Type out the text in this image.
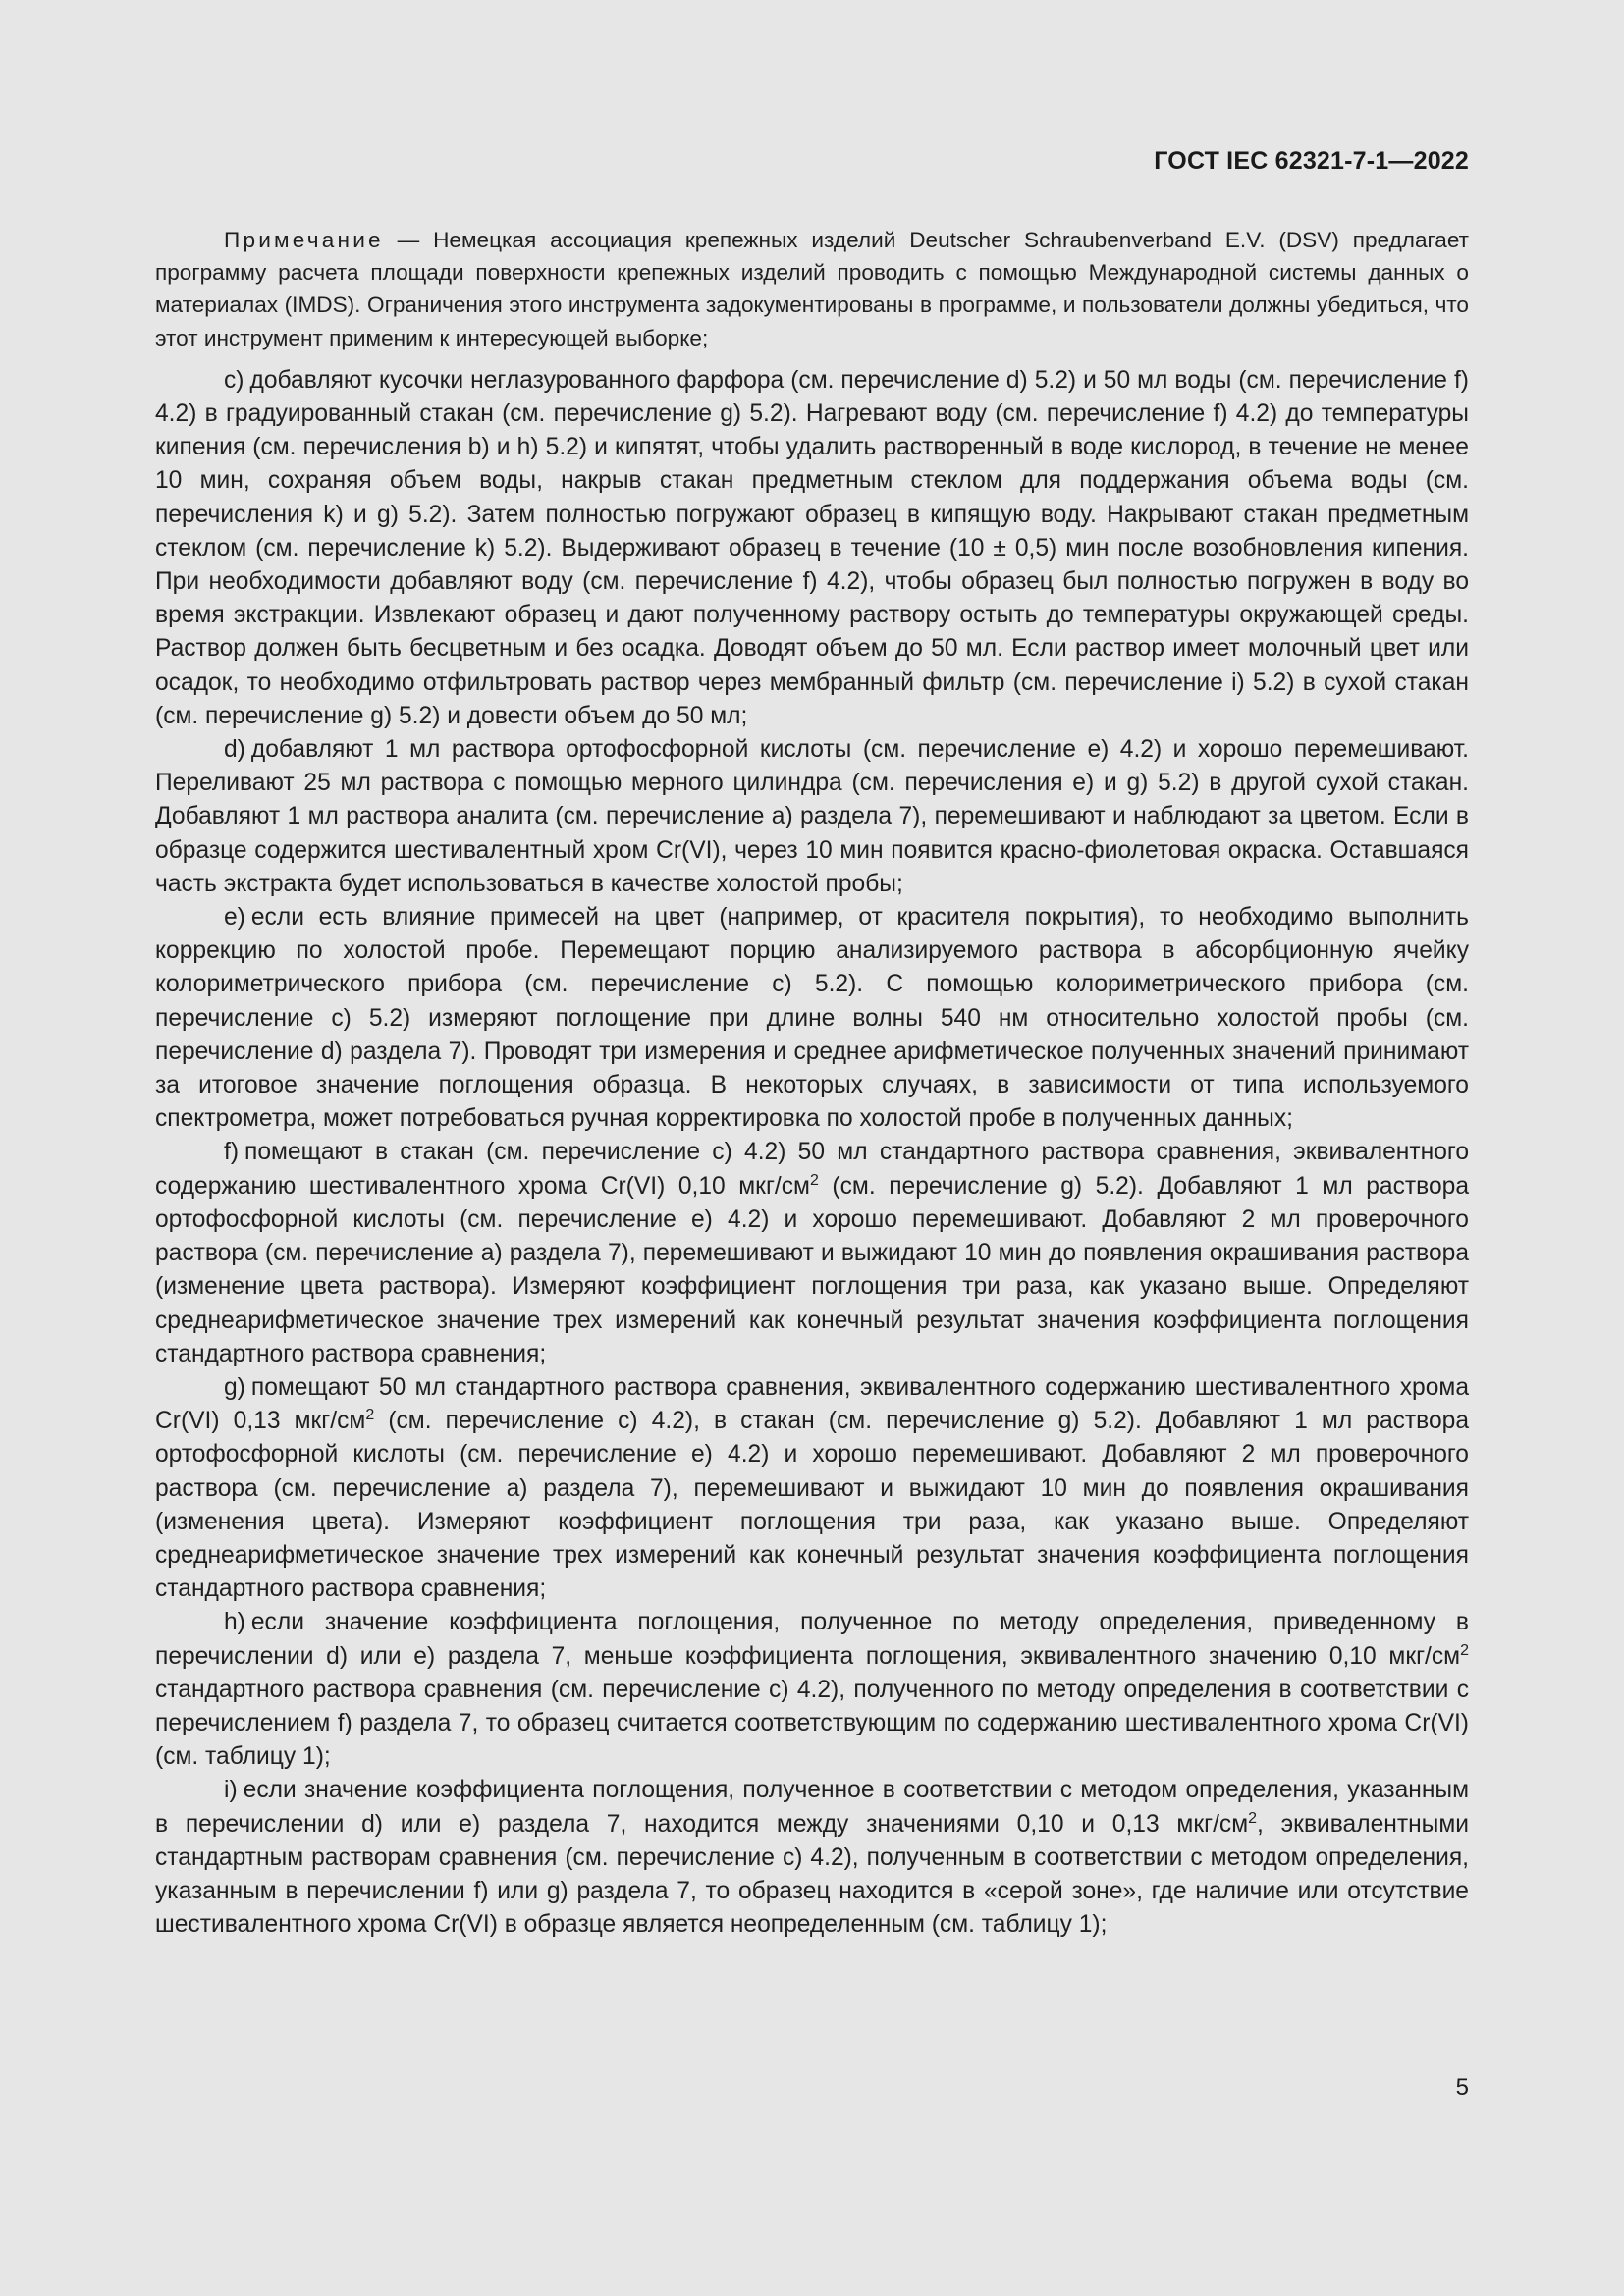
ГОСТ IEC 62321-7-1—2022

Примечание — Немецкая ассоциация крепежных изделий Deutscher Schraubenverband E.V. (DSV) предлагает программу расчета площади поверхности крепежных изделий проводить с помощью Международной системы данных о материалах (IMDS). Ограничения этого инструмента задокументированы в программе, и пользователи должны убедиться, что этот инструмент применим к интересующей выборке;

c) добавляют кусочки неглазурованного фарфора (см. перечисление d) 5.2) и 50 мл воды (см. перечисление f) 4.2) в градуированный стакан (см. перечисление g) 5.2). Нагревают воду (см. перечисление f) 4.2) до температуры кипения (см. перечисления b) и h) 5.2) и кипятят, чтобы удалить растворенный в воде кислород, в течение не менее 10 мин, сохраняя объем воды, накрыв стакан предметным стеклом для поддержания объема воды (см. перечисления k) и g) 5.2). Затем полностью погружают образец в кипящую воду. Накрывают стакан предметным стеклом (см. перечисление k) 5.2). Выдерживают образец в течение (10 ± 0,5) мин после возобновления кипения. При необходимости добавляют воду (см. перечисление f) 4.2), чтобы образец был полностью погружен в воду во время экстракции. Извлекают образец и дают полученному раствору остыть до температуры окружающей среды. Раствор должен быть бесцветным и без осадка. Доводят объем до 50 мл. Если раствор имеет молочный цвет или осадок, то необходимо отфильтровать раствор через мембранный фильтр (см. перечисление i) 5.2) в сухой стакан (см. перечисление g) 5.2) и довести объем до 50 мл;

d) добавляют 1 мл раствора ортофосфорной кислоты (см. перечисление e) 4.2) и хорошо перемешивают. Переливают 25 мл раствора с помощью мерного цилиндра (см. перечисления e) и g) 5.2) в другой сухой стакан. Добавляют 1 мл раствора аналита (см. перечисление a) раздела 7), перемешивают и наблюдают за цветом. Если в образце содержится шестивалентный хром Cr(VI), через 10 мин появится красно-фиолетовая окраска. Оставшаяся часть экстракта будет использоваться в качестве холостой пробы;

e) если есть влияние примесей на цвет (например, от красителя покрытия), то необходимо выполнить коррекцию по холостой пробе. Перемещают порцию анализируемого раствора в абсорбционную ячейку колориметрического прибора (см. перечисление c) 5.2). С помощью колориметрического прибора (см. перечисление c) 5.2) измеряют поглощение при длине волны 540 нм относительно холостой пробы (см. перечисление d) раздела 7). Проводят три измерения и среднее арифметическое полученных значений принимают за итоговое значение поглощения образца. В некоторых случаях, в зависимости от типа используемого спектрометра, может потребоваться ручная корректировка по холостой пробе в полученных данных;

f) помещают в стакан (см. перечисление c) 4.2) 50 мл стандартного раствора сравнения, эквивалентного содержанию шестивалентного хрома Cr(VI) 0,10 мкг/$см^2$ (см. перечисление g) 5.2). Добавляют 1 мл раствора ортофосфорной кислоты (см. перечисление e) 4.2) и хорошо перемешивают. Добавляют 2 мл проверочного раствора (см. перечисление a) раздела 7), перемешивают и выжидают 10 мин до появления окрашивания раствора (изменение цвета раствора). Измеряют коэффициент поглощения три раза, как указано выше. Определяют среднеарифметическое значение трех измерений как конечный результат значения коэффициента поглощения стандартного раствора сравнения;

g) помещают 50 мл стандартного раствора сравнения, эквивалентного содержанию шестивалентного хрома Cr(VI) 0,13 мкг/$см^2$ (см. перечисление c) 4.2), в стакан (см. перечисление g) 5.2). Добавляют 1 мл раствора ортофосфорной кислоты (см. перечисление e) 4.2) и хорошо перемешивают. Добавляют 2 мл проверочного раствора (см. перечисление a) раздела 7), перемешивают и выжидают 10 мин до появления окрашивания (изменения цвета). Измеряют коэффициент поглощения три раза, как указано выше. Определяют среднеарифметическое значение трех измерений как конечный результат значения коэффициента поглощения стандартного раствора сравнения;

h) если значение коэффициента поглощения, полученное по методу определения, приведенному в перечислении d) или e) раздела 7, меньше коэффициента поглощения, эквивалентного значению 0,10 мкг/$см^2$ стандартного раствора сравнения (см. перечисление c) 4.2), полученного по методу определения в соответствии с перечислением f) раздела 7, то образец считается соответствующим по содержанию шестивалентного хрома Cr(VI) (см. таблицу 1);

i) если значение коэффициента поглощения, полученное в соответствии с методом определения, указанным в перечислении d) или e) раздела 7, находится между значениями 0,10 и 0,13 мкг/$см^2$, эквивалентными стандартным растворам сравнения (см. перечисление c) 4.2), полученным в соответствии с методом определения, указанным в перечислении f) или g) раздела 7, то образец находится в «серой зоне», где наличие или отсутствие шестивалентного хрома Cr(VI) в образце является неопределенным (см. таблицу 1);

5
